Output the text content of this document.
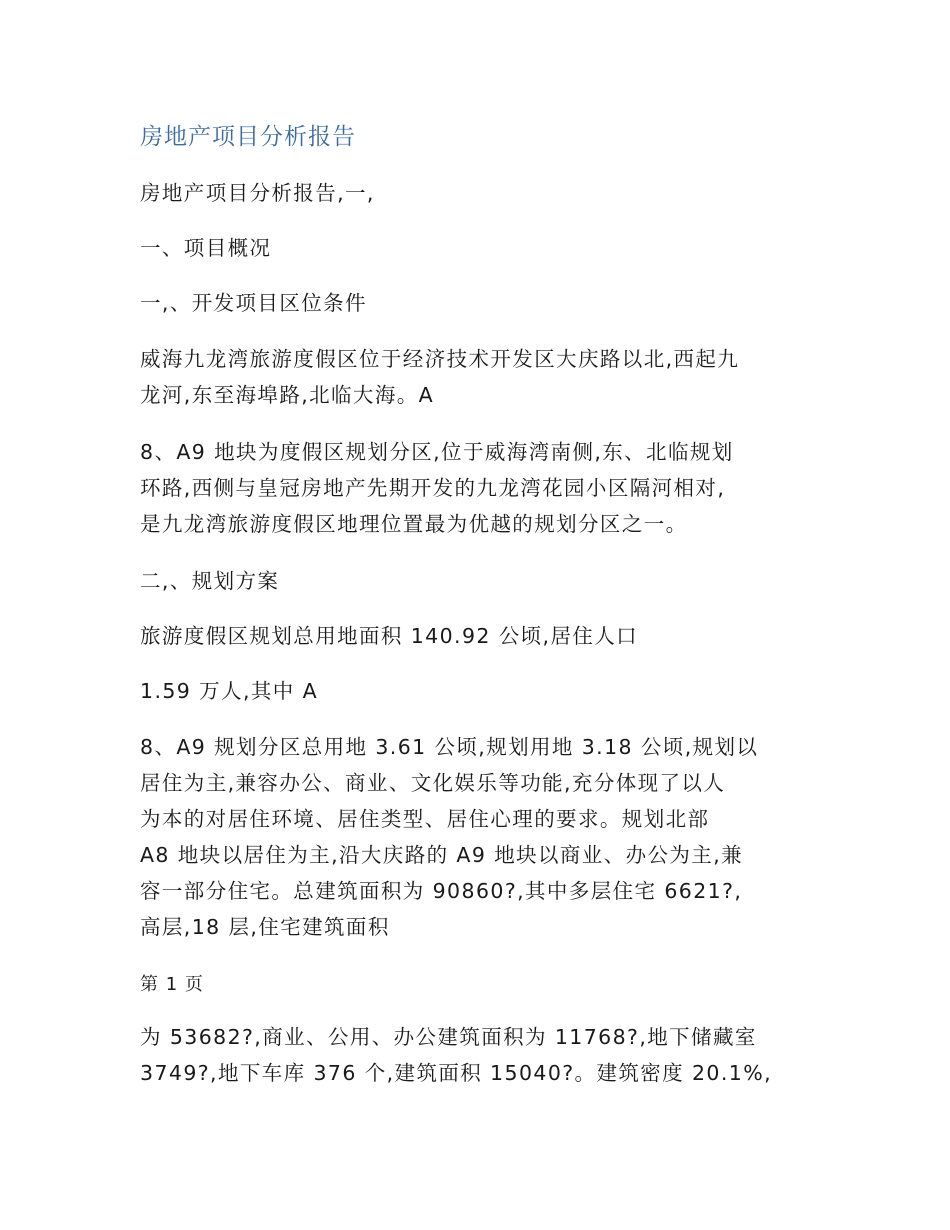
房地产项目分析报告
房地产项目分析报告,一,
一、项目概况
一,、开发项目区位条件
威海九龙湾旅游度假区位于经济技术开发区大庆路以北,西起九
龙河,东至海埠路,北临大海。A
8、A9 地块为度假区规划分区,位于威海湾南侧,东、北临规划
环路,西侧与皇冠房地产先期开发的九龙湾花园小区隔河相对,
是九龙湾旅游度假区地理位置最为优越的规划分区之一。
二,、规划方案
旅游度假区规划总用地面积 140.92 公顷,居住人口
1.59 万人,其中 A
8、A9 规划分区总用地 3.61 公顷,规划用地 3.18 公顷,规划以
居住为主,兼容办公、商业、文化娱乐等功能,充分体现了以人
为本的对居住环境、居住类型、居住心理的要求。规划北部
A8 地块以居住为主,沿大庆路的 A9 地块以商业、办公为主,兼
容一部分住宅。总建筑面积为 90860?,其中多层住宅 6621?,
高层,18 层,住宅建筑面积
第 1 页
为 53682?,商业、公用、办公建筑面积为 11768?,地下储藏室
3749?,地下车库 376 个,建筑面积 15040?。建筑密度 20.1%,
